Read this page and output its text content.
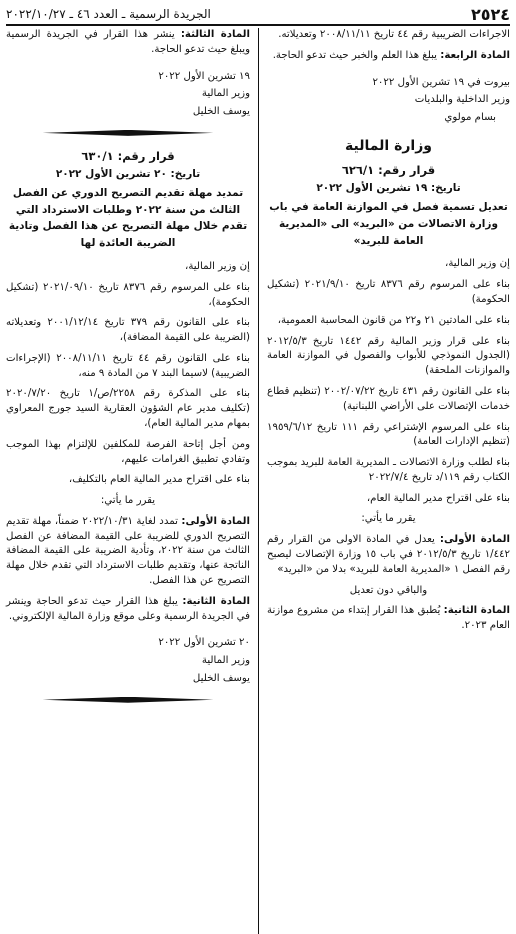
٢٥٢٤
الجريدة الرسمية ـ العدد ٤٦ ـ ٢٠٢٢/١٠/٢٧

الاجراءات الضريبية رقم ٤٤ تاريخ ٢٠٠٨/١١/١١ وتعديلاته.

المادة الرابعة: يبلغ هذا العلم والخبر حيث تدعو الحاجة.

بيروت في ١٩ تشرين الأول ٢٠٢٢

وزير الداخلية والبلديات

بسام مولوي

وزارة المالية
قرار رقم: ٦٢٦/١
تاريخ: ١٩ تشرين الأول ٢٠٢٢
تعديل تسمية فصل في الموازنة العامة في باب وزارة الاتصالات من «البريد» الى «المديرية العامة للبريد»

إن وزير المالية،

بناء على المرسوم رقم ٨٣٧٦ تاريخ ٢٠٢١/٩/١٠ (تشكيل الحكومة)

بناء على المادتين ٢١ و٢٢ من قانون المحاسبة العمومية،

بناء على قرار وزير المالية رقم ١٤٤٢ تاريخ ٢٠١٢/٥/٣ (الجدول النموذجي للأبواب والفصول في الموازنة العامة والموازنات الملحقة)

بناء على القانون رقم ٤٣١ تاريخ ٢٠٠٢/٠٧/٢٢ (تنظيم قطاع خدمات الإتصالات على الأراضي اللبنانية)

بناء على المرسوم الإشتراعي رقم ١١١ تاريخ ١٩٥٩/٦/١٢ (تنظيم الإدارات العامة)

بناء لطلب وزارة الاتصالات ـ المديرية العامة للبريد بموجب الكتاب رقم ١١٩/د تاريخ ٢٠٢٢/٧/٤

بناء على اقتراح مدير المالية العام،

يقرر ما يأتي:

المادة الأولى: يعدل في المادة الاولى من القرار رقم ١/٤٤٢ تاريخ ٢٠١٢/٥/٣ في باب ١٥ وزارة الإتصالات ليصبح رقم الفصل ١ «المديرية العامة للبريد» بدلا من «البريد»

والباقي دون تعديل

المادة الثانية: يُطبق هذا القرار إبتداء من مشروع موازنة العام ٢٠٢٣.

المادة الثالثة: ينشر هذا القرار في الجريدة الرسمية ويبلغ حيث تدعو الحاجة.

١٩ تشرين الأول ٢٠٢٢

وزير المالية

يوسف الخليل

قرار رقم: ٦٣٠/١
تاريخ: ٢٠ تشرين الأول ٢٠٢٢
تمديد مهلة تقديم التصريح الدوري عن الفصل الثالث من سنة ٢٠٢٢ وطلبات الاسترداد التي تقدم خلال مهلة التصريح عن هذا الفصل وتادية الضريبة العائدة لها

إن وزير المالية،

بناء على المرسوم رقم ٨٣٧٦ تاريخ ٢٠٢١/٠٩/١٠ (تشكيل الحكومة)،

بناء على القانون رقم ٣٧٩ تاريخ ٢٠٠١/١٢/١٤ وتعديلاته (الضريبة على القيمة المضافة)،

بناء على القانون رقم ٤٤ تاريخ ٢٠٠٨/١١/١١ (الإجراءات الضريبية) لاسيما البند ٧ من المادة ٩ منه،

بناء على المذكرة رقم ٢٢٥٨/ص/١ تاريخ ٢٠٢٠/٧/٢٠ (تكليف مدير عام الشؤون العقارية السيد جورج المعراوي بمهام مدير المالية العام)،

ومن أجل إتاحة الفرصة للمكلفين للإلتزام بهذا الموجب وتفادي تطبيق الغرامات عليهم،

بناء على اقتراح مدير المالية العام بالتكليف،

يقرر ما يأتي:

المادة الأولى: تمدد لغاية ٢٠٢٢/١٠/٣١ ضمناً، مهلة تقديم التصريح الدوري للضريبة على القيمة المضافة عن الفصل الثالث من سنة ٢٠٢٢، وتأدية الضريبة على القيمة المضافة الناتجة عنها، وتقديم طلبات الاسترداد التي تقدم خلال مهلة التصريح عن هذا الفصل.

المادة الثانية: يبلغ هذا القرار حيث تدعو الحاجة وينشر في الجريدة الرسمية وعلى موقع وزارة المالية الإلكتروني.

٢٠ تشرين الأول ٢٠٢٢

وزير المالية

يوسف الخليل
